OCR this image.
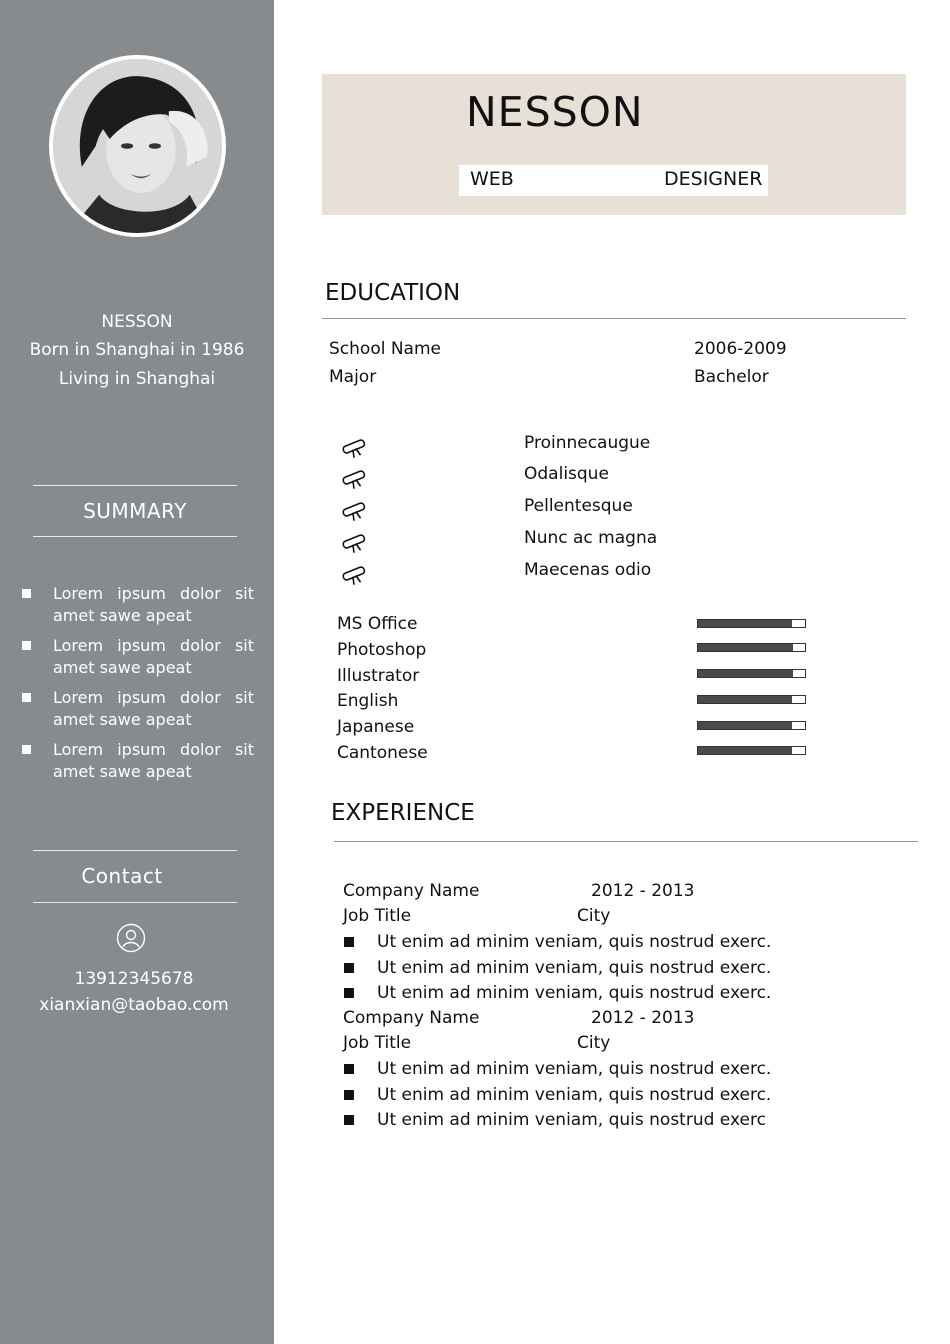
NESSON
Born in Shanghai in 1986
Living in Shanghai
SUMMARY
Lorem ipsum dolor sit amet sawe apeat
Lorem ipsum dolor sit amet sawe apeat
Lorem ipsum dolor sit amet sawe apeat
Lorem ipsum dolor sit amet sawe apeat
Contact
13912345678
xianxian@taobao.com
NESSON
WEB	DESIGNER
EDUCATION
School Name	2006-2009
Major	Bachelor
Proinnecaugue
Odalisque
Pellentesque
Nunc ac magna
Maecenas odio
MS Office
Photoshop
Illustrator
English
Japanese
Cantonese
EXPERIENCE
Company Name	2012 - 2013
Job Title	City
Ut enim ad minim veniam, quis nostrud exerc.
Ut enim ad minim veniam, quis nostrud exerc.
Ut enim ad minim veniam, quis nostrud exerc.
Company Name	2012 - 2013
Job Title	City
Ut enim ad minim veniam, quis nostrud exerc.
Ut enim ad minim veniam, quis nostrud exerc.
Ut enim ad minim veniam, quis nostrud exerc
